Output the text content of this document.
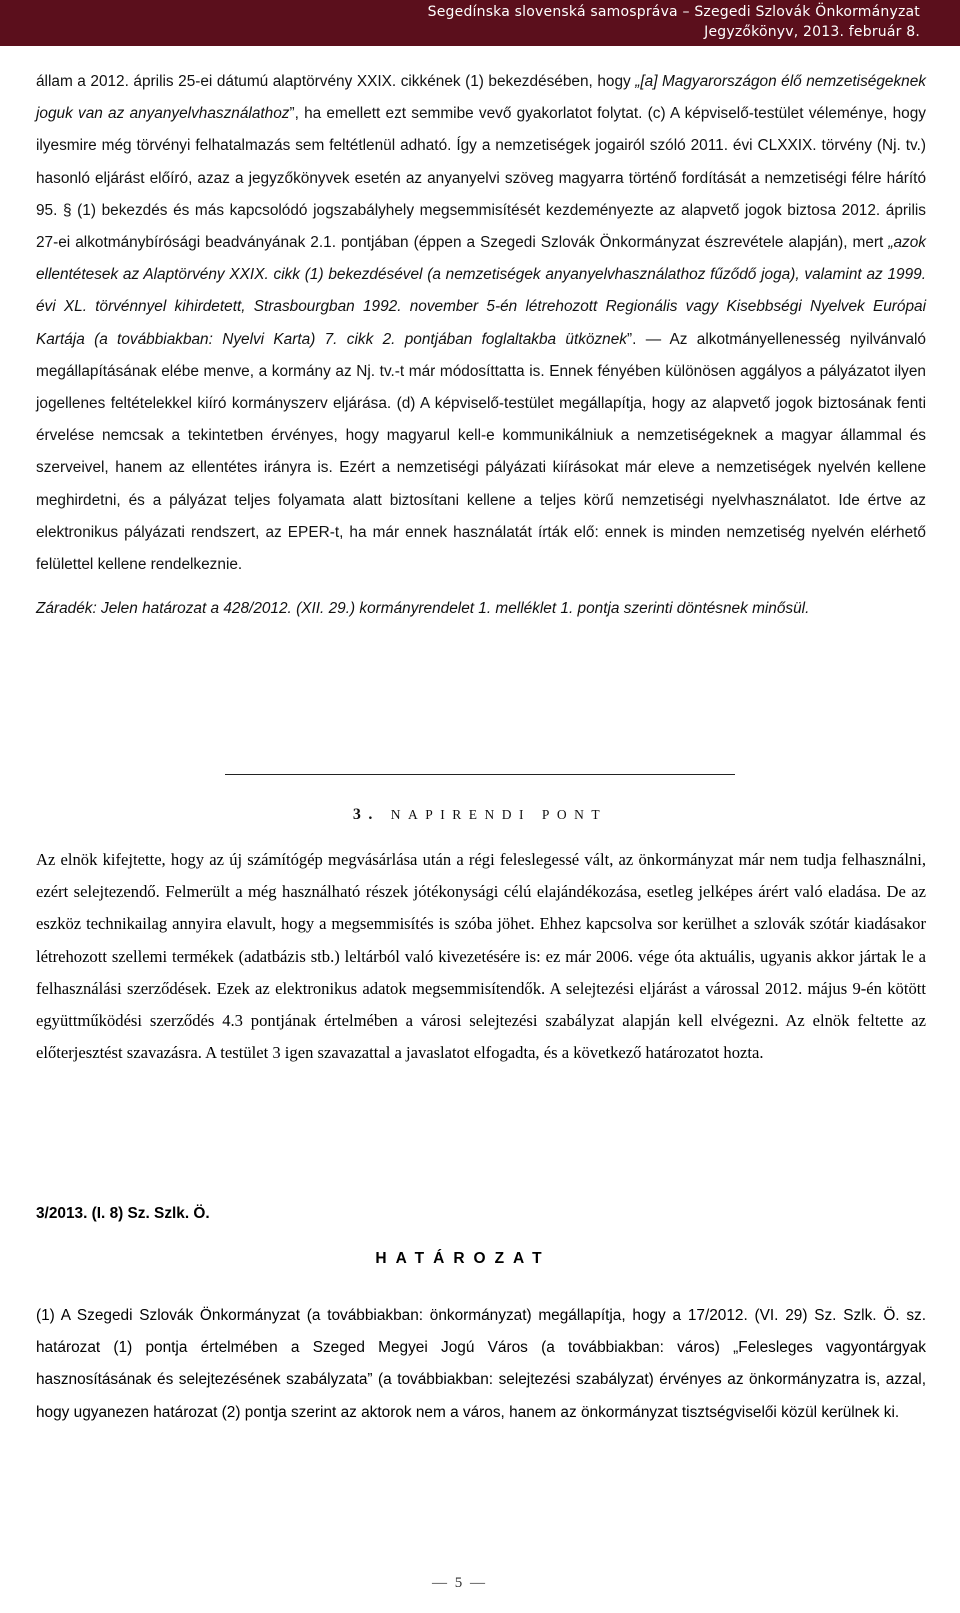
Segedínska slovenská samospráva – Szegedi Szlovák Önkormányzat
Jegyzőkönyv, 2013. február 8.

állam a 2012. április 25-ei dátumú alaptörvény XXIX. cikkének (1) bekezdésében, hogy „[a] Magyarországon élő nemzetiségeknek joguk van az anyanyelvhasználathoz”, ha emellett ezt semmibe vevő gyakorlatot folytat. (c) A képviselő-testület véleménye, hogy ilyesmire még törvényi felhatalmazás sem feltétlenül adható. Így a nemzetiségek jogairól szóló 2011. évi CLXXIX. törvény (Nj. tv.) hasonló eljárást előíró, azaz a jegyzőkönyvek esetén az anyanyelvi szöveg magyarra történő fordítását a nemzetiségi félre hárító 95. § (1) bekezdés és más kapcsolódó jogszabályhely megsemmisítését kezdeményezte az alapvető jogok biztosa 2012. április 27-ei alkotmánybírósági beadványának 2.1. pontjában (éppen a Szegedi Szlovák Önkormányzat észrevétele alapján), mert „azok ellentétesek az Alaptörvény XXIX. cikk (1) bekezdésével (a nemzetiségek anyanyelvhasználathoz fűződő joga), valamint az 1999. évi XL. törvénnyel kihirdetett, Strasbourgban 1992. november 5-én létrehozott Regionális vagy Kisebbségi Nyelvek Európai Kartája (a továbbiakban: Nyelvi Karta) 7. cikk 2. pontjában foglaltakba ütköznek”. — Az alkotmányellenesség nyilvánvaló megállapításának elébe menve, a kormány az Nj. tv.-t már módosíttatta is. Ennek fényében különösen aggályos a pályázatot ilyen jogellenes feltételekkel kiíró kormányszerv eljárása. (d) A képviselő-testület megállapítja, hogy az alapvető jogok biztosának fenti érvelése nemcsak a tekintetben érvényes, hogy magyarul kell-e kommunikálniuk a nemzetiségeknek a magyar állammal és szerveivel, hanem az ellentétes irányra is. Ezért a nemzetiségi pályázati kiírásokat már eleve a nemzetiségek nyelvén kellene meghirdetni, és a pályázat teljes folyamata alatt biztosítani kellene a teljes körű nemzetiségi nyelvhasználatot. Ide értve az elektronikus pályázati rendszert, az EPER-t, ha már ennek használatát írták elő: ennek is minden nemzetiség nyelvén elérhető felülettel kellene rendelkeznie.

Záradék: Jelen határozat a 428/2012. (XII. 29.) kormányrendelet 1. melléklet 1. pontja szerinti döntésnek minősül.

3. NAPIRENDI PONT

Az elnök kifejtette, hogy az új számítógép megvásárlása után a régi feleslegessé vált, az önkormányzat már nem tudja felhasználni, ezért selejtezendő. Felmerült a még használható részek jótékonysági célú elajándékozása, esetleg jelképes árért való eladása. De az eszköz technikailag annyira elavult, hogy a megsemmisítés is szóba jöhet. Ehhez kapcsolva sor kerülhet a szlovák szótár kiadásakor létrehozott szellemi termékek (adatbázis stb.) leltárból való kivezetésére is: ez már 2006. vége óta aktuális, ugyanis akkor jártak le a felhasználási szerződések. Ezek az elektronikus adatok megsemmisítendők. A selejtezési eljárást a várossal 2012. május 9-én kötött együttműködési szerződés 4.3 pontjának értelmében a városi selejtezési szabályzat alapján kell elvégezni. Az elnök feltette az előterjesztést szavazásra. A testület 3 igen szavazattal a javaslatot elfogadta, és a következő határozatot hozta.

3/2013. (I. 8) Sz. Szlk. Ö.

HATÁROZAT

(1) A Szegedi Szlovák Önkormányzat (a továbbiakban: önkormányzat) megállapítja, hogy a 17/2012. (VI. 29) Sz. Szlk. Ö. sz. határozat (1) pontja értelmében a Szeged Megyei Jogú Város (a továbbiakban: város) „Felesleges vagyontárgyak hasznosításának és selejtezésének szabályzata” (a továbbiakban: selejtezési szabályzat) érvényes az önkormányzatra is, azzal, hogy ugyanezen határozat (2) pontja szerint az aktorok nem a város, hanem az önkormányzat tisztségviselői közül kerülnek ki.

— 5 —
